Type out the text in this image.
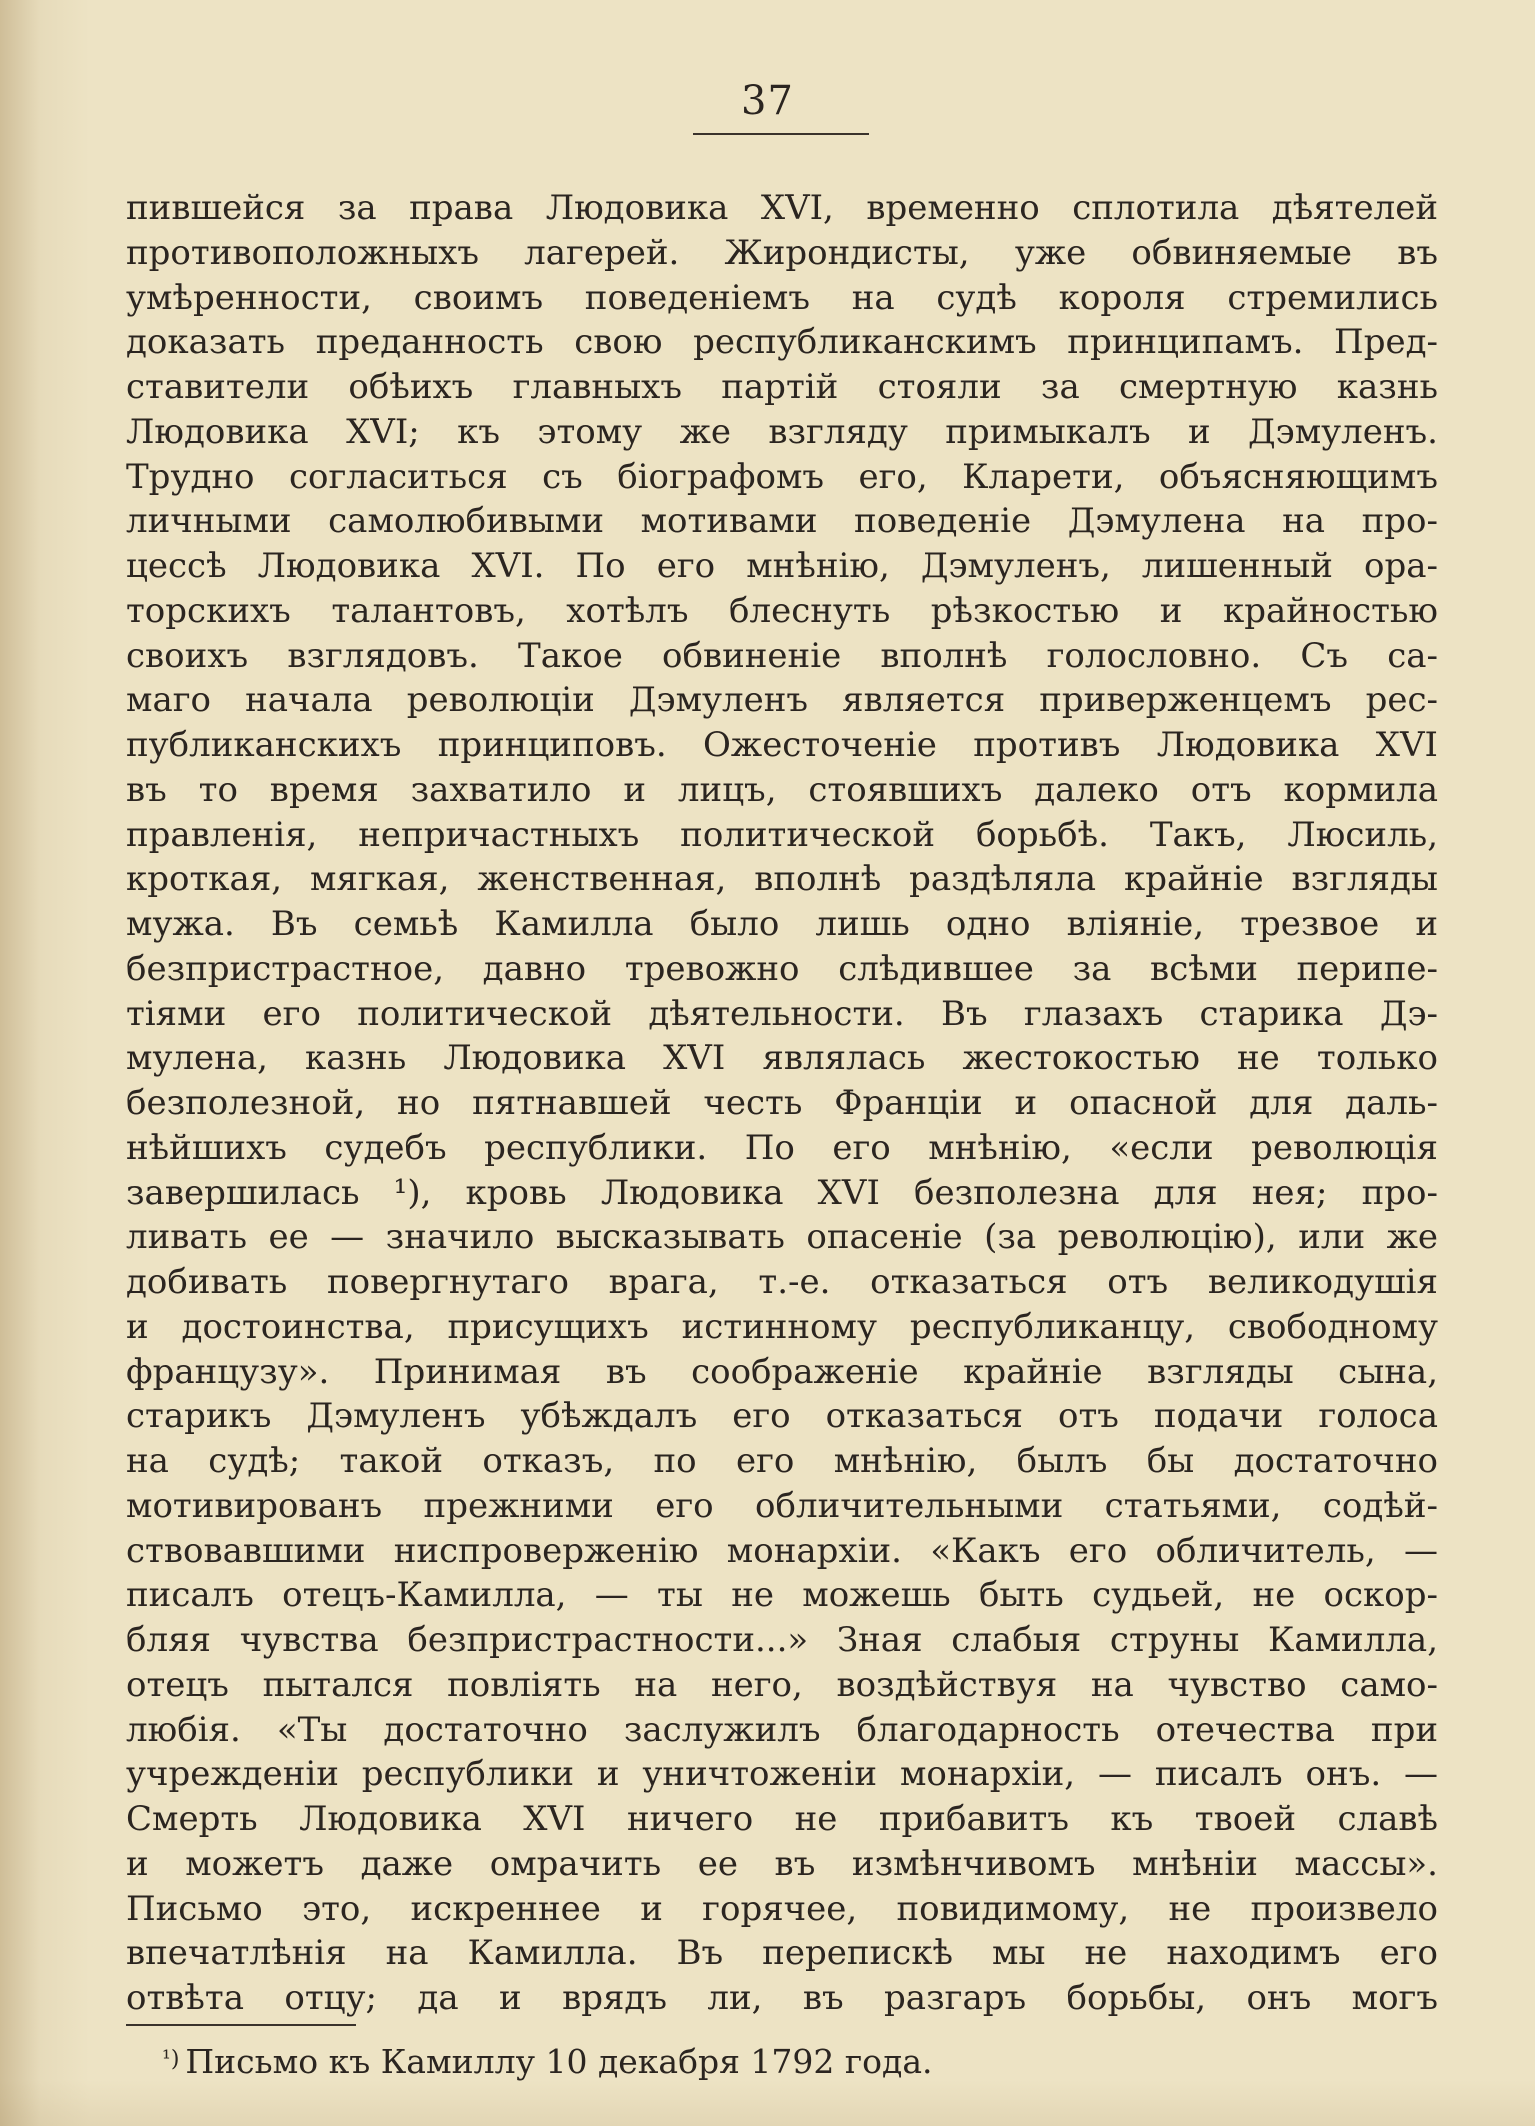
37
пившейся за права Людовика XVI, временно сплотила дѣятелей
противоположныхъ лагерей. Жирондисты, уже обвиняемые въ
умѣренности, своимъ поведеніемъ на судѣ короля стремились
доказать преданность свою республиканскимъ принципамъ. Пред-
ставители обѣихъ главныхъ партій стояли за смертную казнь
Людовика XVI; къ этому же взгляду примыкалъ и Дэмуленъ.
Трудно согласиться съ біографомъ его, Кларети, объясняющимъ
личными самолюбивыми мотивами поведеніе Дэмулена на про-
цессѣ Людовика XVI. По его мнѣнію, Дэмуленъ, лишенный ора-
торскихъ талантовъ, хотѣлъ блеснуть рѣзкостью и крайностью
своихъ взглядовъ. Такое обвиненіе вполнѣ голословно. Съ са-
маго начала революціи Дэмуленъ является приверженцемъ рес-
публиканскихъ принциповъ. Ожесточеніе противъ Людовика XVI
въ то время захватило и лицъ, стоявшихъ далеко отъ кормила
правленія, непричастныхъ политической борьбѣ. Такъ, Люсиль,
кроткая, мягкая, женственная, вполнѣ раздѣляла крайніе взгляды
мужа. Въ семьѣ Камилла было лишь одно вліяніе, трезвое и
безпристрастное, давно тревожно слѣдившее за всѣми перипе-
тіями его политической дѣятельности. Въ глазахъ старика Дэ-
мулена, казнь Людовика XVI являлась жестокостью не только
безполезной, но пятнавшей честь Франціи и опасной для даль-
нѣйшихъ судебъ республики. По его мнѣнію, «если революція
завершилась ¹), кровь Людовика XVI безполезна для нея; про-
ливать ее — значило высказывать опасеніе (за революцію), или же
добивать повергнутаго врага, т.-е. отказаться отъ великодушія
и достоинства, присущихъ истинному республиканцу, свободному
французу». Принимая въ соображеніе крайніе взгляды сына,
старикъ Дэмуленъ убѣждалъ его отказаться отъ подачи голоса
на судѣ; такой отказъ, по его мнѣнію, былъ бы достаточно
мотивированъ прежними его обличительными статьями, содѣй-
ствовавшими ниспроверженію монархіи. «Какъ его обличитель, —
писалъ отецъ-Камилла, — ты не можешь быть судьей, не оскор-
бляя чувства безпристрастности...» Зная слабыя струны Камилла,
отецъ пытался повліять на него, воздѣйствуя на чувство само-
любія. «Ты достаточно заслужилъ благодарность отечества при
учрежденіи республики и уничтоженіи монархіи, — писалъ онъ. —
Смерть Людовика XVI ничего не прибавитъ къ твоей славѣ
и можетъ даже омрачить ее въ измѣнчивомъ мнѣніи массы».
Письмо это, искреннее и горячее, повидимому, не произвело
впечатлѣнія на Камилла. Въ перепискѣ мы не находимъ его
отвѣта отцу; да и врядъ ли, въ разгаръ борьбы, онъ могъ
$^{^1)}$ Письмо къ Камиллу 10 декабря 1792 года.
